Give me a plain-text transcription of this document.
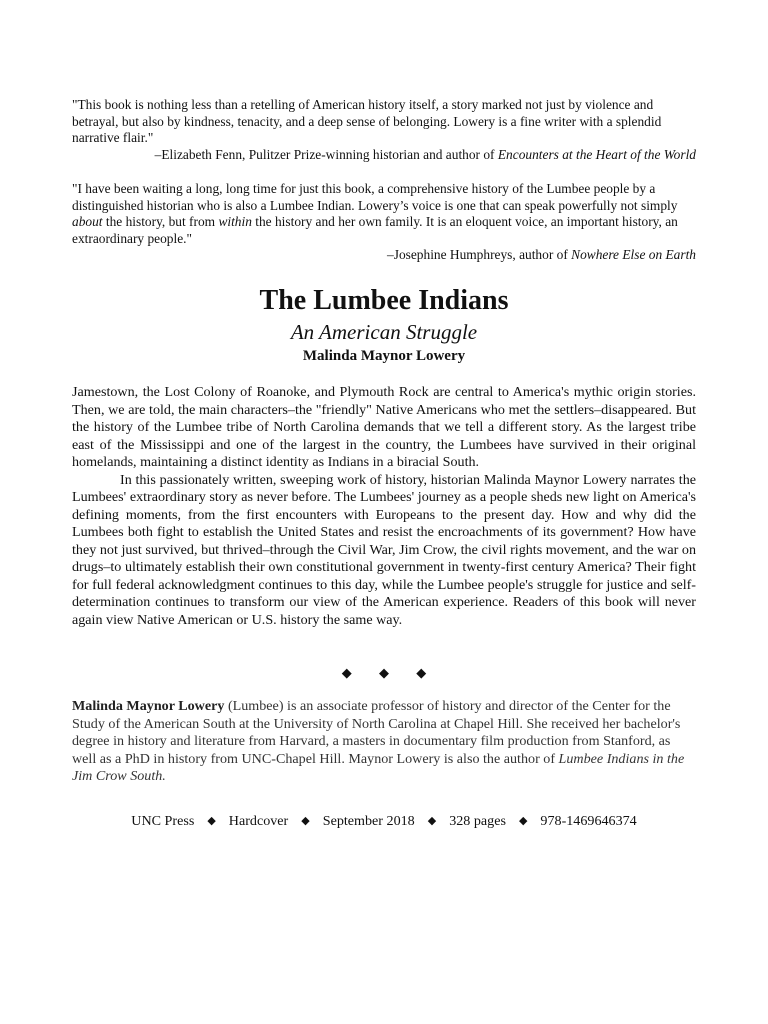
"This book is nothing less than a retelling of American history itself, a story marked not just by violence and betrayal, but also by kindness, tenacity, and a deep sense of belonging. Lowery is a fine writer with a splendid narrative flair."
–Elizabeth Fenn, Pulitzer Prize-winning historian and author of Encounters at the Heart of the World
"I have been waiting a long, long time for just this book, a comprehensive history of the Lumbee people by a distinguished historian who is also a Lumbee Indian. Lowery’s voice is one that can speak powerfully not simply about the history, but from within the history and her own family. It is an eloquent voice, an important history, an extraordinary people."
–Josephine Humphreys, author of Nowhere Else on Earth
The Lumbee Indians
An American Struggle
Malinda Maynor Lowery

Jamestown, the Lost Colony of Roanoke, and Plymouth Rock are central to America's mythic origin stories. Then, we are told, the main characters–the "friendly" Native Americans who met the settlers–disappeared. But the history of the Lumbee tribe of North Carolina demands that we tell a different story. As the largest tribe east of the Mississippi and one of the largest in the country, the Lumbees have survived in their original homelands, maintaining a distinct identity as Indians in a biracial South.

In this passionately written, sweeping work of history, historian Malinda Maynor Lowery narrates the Lumbees' extraordinary story as never before. The Lumbees' journey as a people sheds new light on America's defining moments, from the first encounters with Europeans to the present day. How and why did the Lumbees both fight to establish the United States and resist the encroachments of its government? How have they not just survived, but thrived–through the Civil War, Jim Crow, the civil rights movement, and the war on drugs–to ultimately establish their own constitutional government in twenty-first century America? Their fight for full federal acknowledgment continues to this day, while the Lumbee people's struggle for justice and self-determination continues to transform our view of the American experience. Readers of this book will never again view Native American or U.S. history the same way.

◆ ◆ ◆
Malinda Maynor Lowery (Lumbee) is an associate professor of history and director of the Center for the Study of the American South at the University of North Carolina at Chapel Hill. She received her bachelor's degree in history and literature from Harvard, a masters in documentary film production from Stanford, as well as a PhD in history from UNC-Chapel Hill. Maynor Lowery is also the author of Lumbee Indians in the Jim Crow South.
UNC Press ◆ Hardcover ◆ September 2018 ◆ 328 pages ◆ 978-1469646374
